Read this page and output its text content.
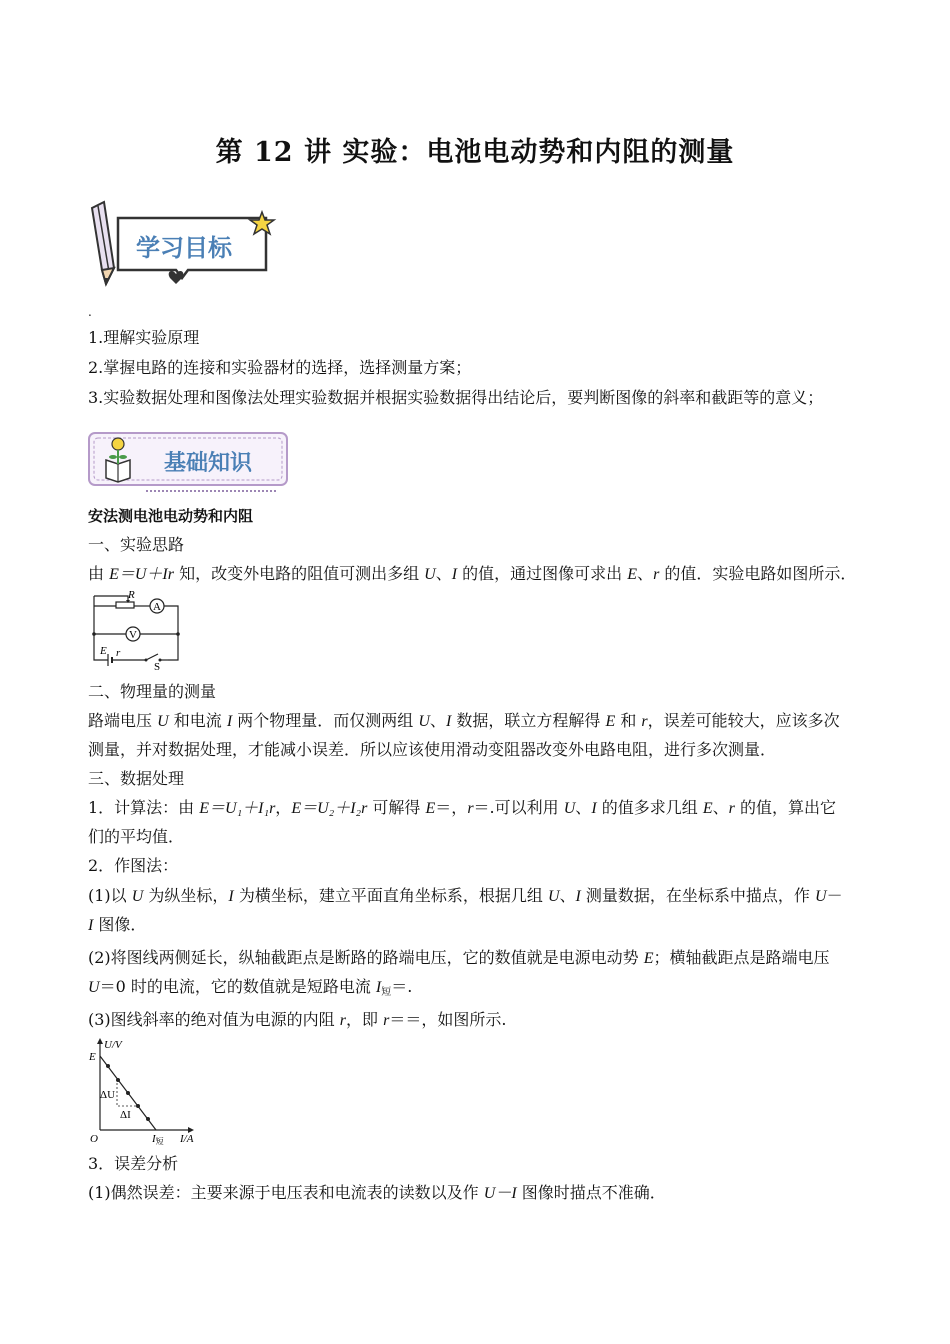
第 12 讲 实验：电池电动势和内阻的测量
学习目标
.
1.理解实验原理
2.掌握电路的连接和实验器材的选择，选择测量方案；
3.实验数据处理和图像法处理实验数据并根据实验数据得出结论后，要判断图像的斜率和截距等的意义；
基础知识
安法测电池电动势和内阻
一、实验思路
由 E＝U＋Ir 知，改变外电路的阻值可测出多组 U、I 的值，通过图像可求出 E、r 的值．实验电路如图所示．
R
A
V
E r
S
二、物理量的测量
路端电压 U 和电流 I 两个物理量．而仅测两组 U、I 数据，联立方程解得 E 和 r，误差可能较大，应该多次
测量，并对数据处理，才能减小误差．所以应该使用滑动变阻器改变外电路电阻，进行多次测量．
三、数据处理
1．计算法：由 E＝U₁＋I₁r，E＝U₂＋I₂r 可解得 E＝，r＝.可以利用 U、I 的值多求几组 E、r 的值，算出它
们的平均值．
2．作图法：
(1)以 U 为纵坐标，I 为横坐标，建立平面直角坐标系，根据几组 U、I 测量数据，在坐标系中描点，作 U－
I 图像．
(2)将图线两侧延长，纵轴截距点是断路的路端电压，它的数值就是电源电动势 E；横轴截距点是路端电压
U＝0 时的电流，它的数值就是短路电流 $I_短=$.
(3)图线斜率的绝对值为电源的内阻 r，即 r＝＝，如图所示.
U/V
I/A
E
O
ΔU
ΔI
I短
3．误差分析
(1)偶然误差：主要来源于电压表和电流表的读数以及作 U－I 图像时描点不准确．
